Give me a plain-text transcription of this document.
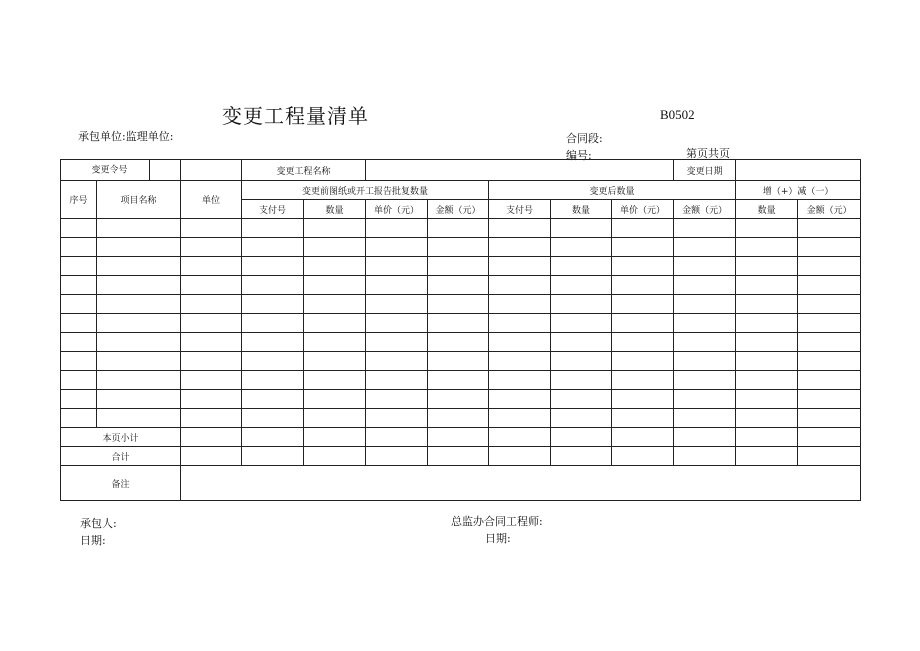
变更工程量清单	B0502
承包单位:监理单位:	合同段:
编号:	第页共页
变更令号			变更工程名称							变更日期		
序号	项目名称	单位	变更前图纸或开工报告批复数量				变更后数量				增（+）减（一）	
			支付号	数量	单价（元）	金额（元）	支付号	数量	单价（元）	金额（元）	数量	金额（元）

本页小计												
合计												
备注												
承包人:
日期:
总监办合同工程师:
日期:
